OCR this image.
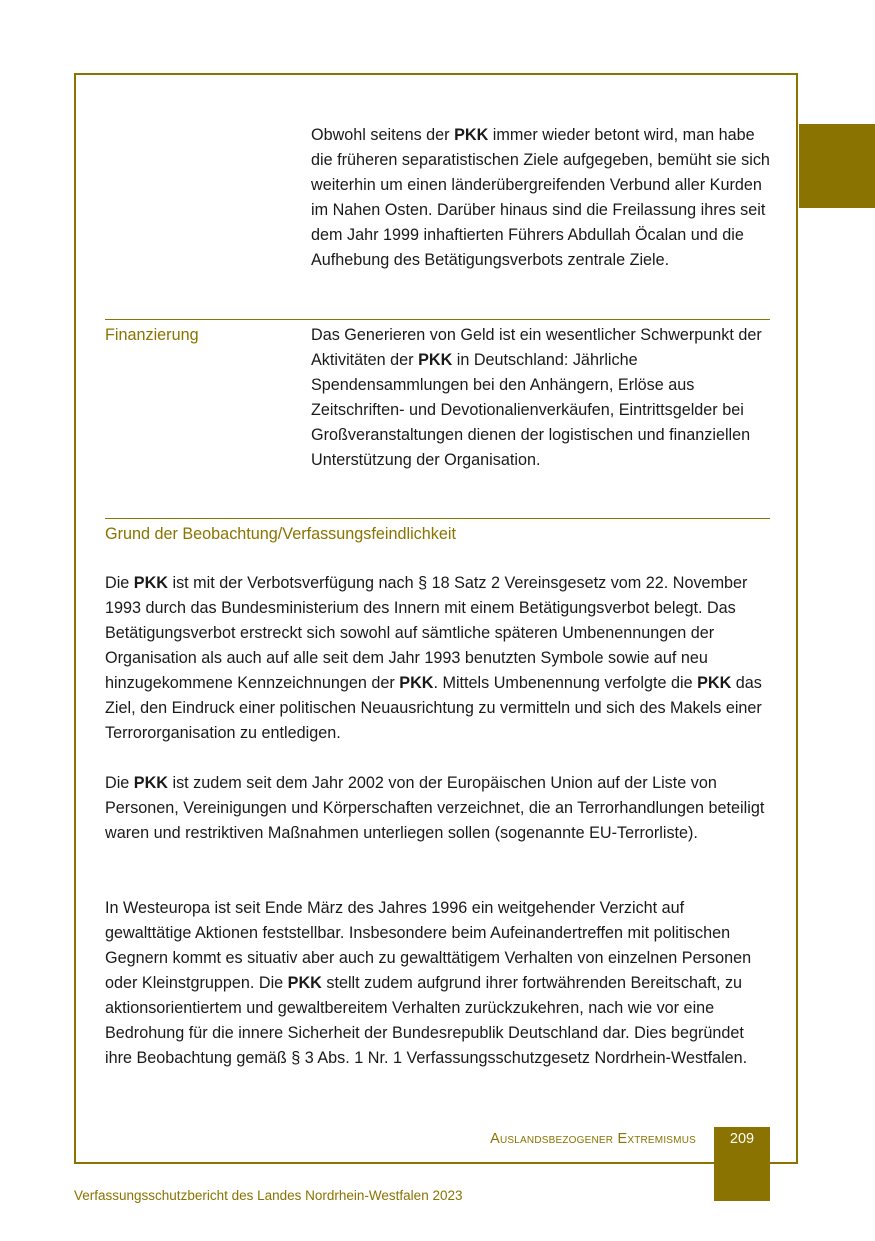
Obwohl seitens der PKK immer wieder betont wird, man habe die früheren separatistischen Ziele aufgegeben, bemüht sie sich weiterhin um einen länderübergreifenden Verbund aller Kurden im Nahen Osten. Darüber hinaus sind die Freilassung ihres seit dem Jahr 1999 inhaftierten Führers Abdullah Öcalan und die Aufhebung des Betätigungsverbots zentrale Ziele.
Finanzierung	Das Generieren von Geld ist ein wesentlicher Schwerpunkt der Aktivitäten der PKK in Deutschland: Jährliche Spendensammlungen bei den Anhängern, Erlöse aus Zeitschriften- und Devotionalienverkäufen, Eintrittsgelder bei Großveranstaltungen dienen der logistischen und finanziellen Unterstützung der Organisation.
Grund der Beobachtung/Verfassungsfeindlichkeit
Die PKK ist mit der Verbotsverfügung nach § 18 Satz 2 Vereinsgesetz vom 22. November 1993 durch das Bundesministerium des Innern mit einem Betätigungsverbot belegt. Das Betätigungsverbot erstreckt sich sowohl auf sämtliche späteren Umbenennungen der Organisation als auch auf alle seit dem Jahr 1993 benutzten Symbole sowie auf neu hinzugekommene Kennzeichnungen der PKK. Mittels Umbenennung verfolgte die PKK das Ziel, den Eindruck einer politischen Neuausrichtung zu vermitteln und sich des Makels einer Terrororganisation zu entledigen.
Die PKK ist zudem seit dem Jahr 2002 von der Europäischen Union auf der Liste von Personen, Vereinigungen und Körperschaften verzeichnet, die an Terrorhandlungen beteiligt waren und restriktiven Maßnahmen unterliegen sollen (sogenannte EU-Terrorliste).
In Westeuropa ist seit Ende März des Jahres 1996 ein weitgehender Verzicht auf gewalttätige Aktionen feststellbar. Insbesondere beim Aufeinandertreffen mit politischen Gegnern kommt es situativ aber auch zu gewalttätigem Verhalten von einzelnen Personen oder Kleinstgruppen. Die PKK stellt zudem aufgrund ihrer fortwährenden Bereitschaft, zu aktionsorientiertem und gewaltbereitem Verhalten zurückzukehren, nach wie vor eine Bedrohung für die innere Sicherheit der Bundesrepublik Deutschland dar. Dies begründet ihre Beobachtung gemäß § 3 Abs. 1 Nr. 1 Verfassungsschutzgesetz Nordrhein-Westfalen.
Auslandsbezogener Extremismus	209
Verfassungsschutzbericht des Landes Nordrhein-Westfalen 2023
